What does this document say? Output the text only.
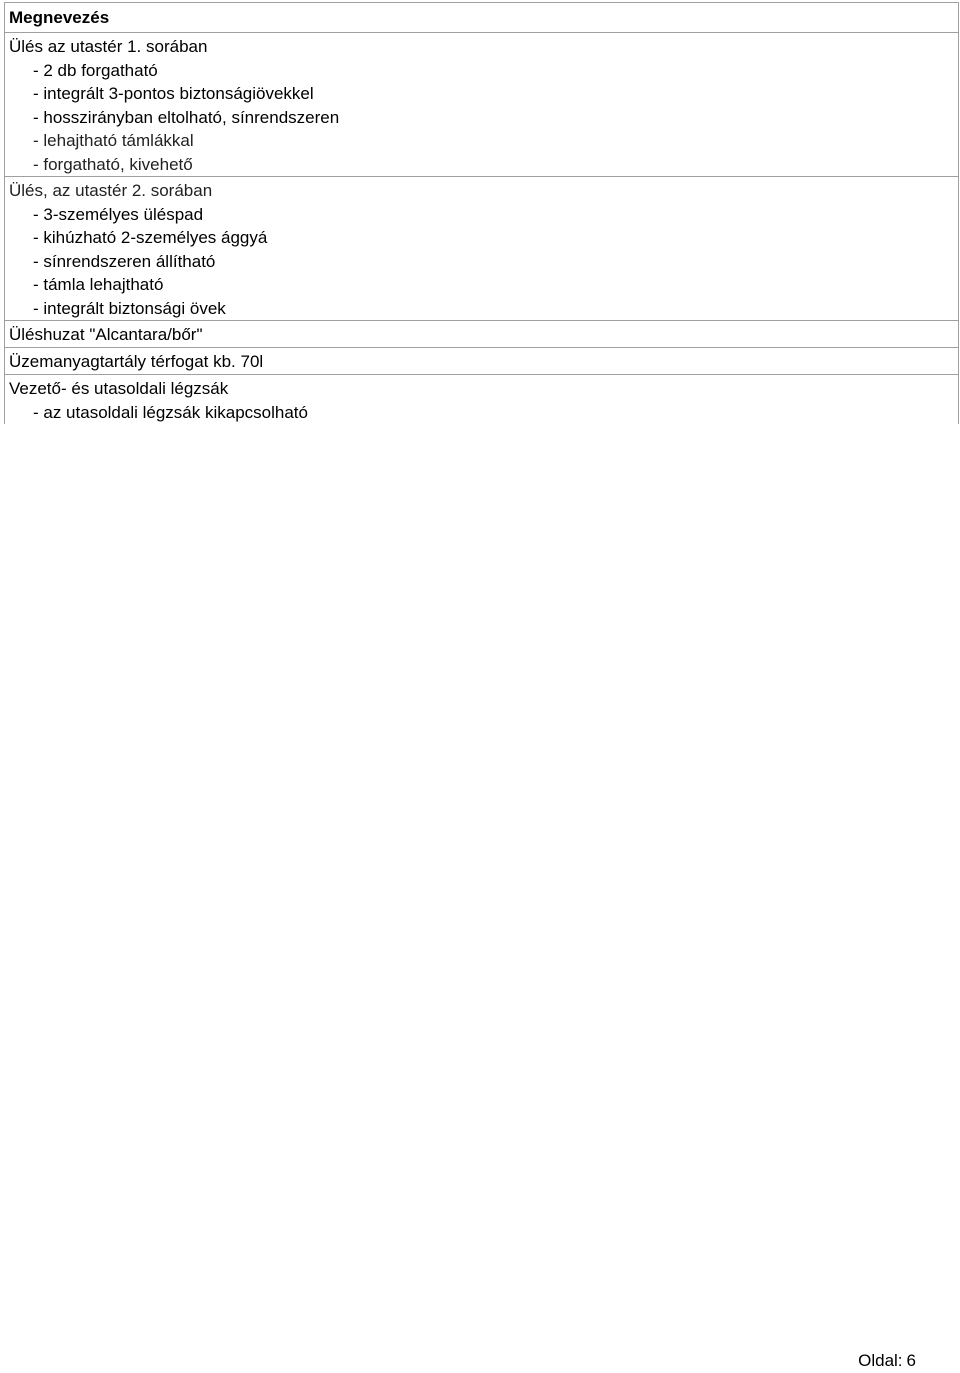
Megnevezés
Ülés az utastér 1. sorában
- 2 db forgatható
- integrált 3-pontos biztonságiövekkel
- hosszirányban eltolható, sínrendszeren
- lehajtható támlákkal
- forgatható, kivehető
Ülés, az utastér 2. sorában
- 3-személyes üléspad
- kihúzható 2-személyes ággyá
- sínrendszeren állítható
- támla lehajtható
- integrált biztonsági övek
Üléshuzat "Alcantara/bőr"
Üzemanyagtartály térfogat kb. 70l
Vezető- és utasoldali légzsák
- az utasoldali légzsák kikapcsolható
Oldal: 6
